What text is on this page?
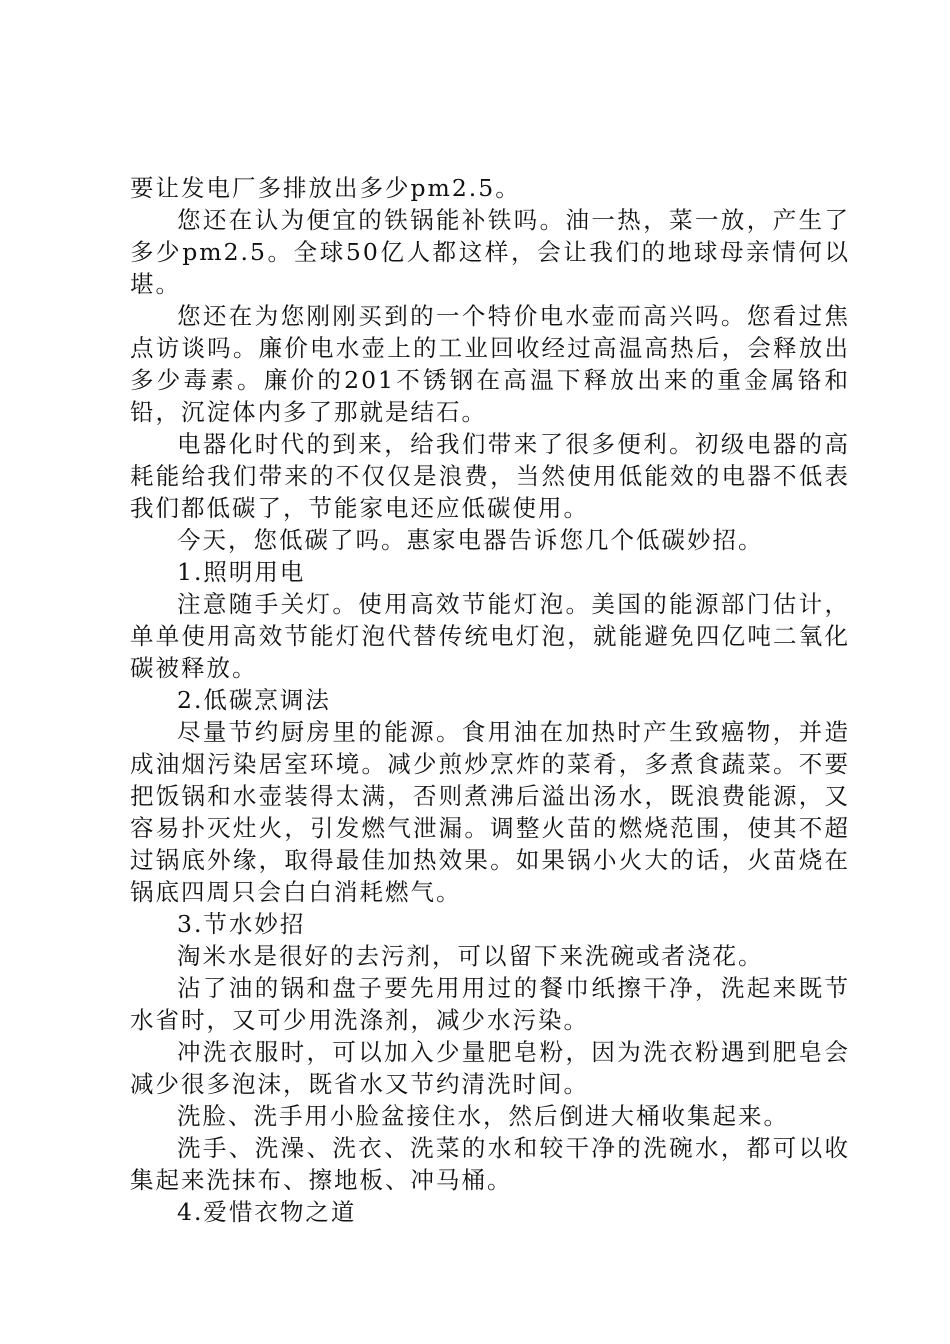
要让发电厂多排放出多少pm2.5。

您还在认为便宜的铁锅能补铁吗。油一热，菜一放，产生了多少pm2.5。全球50亿人都这样，会让我们的地球母亲情何以堪。

您还在为您刚刚买到的一个特价电水壶而高兴吗。您看过焦点访谈吗。廉价电水壶上的工业回收经过高温高热后，会释放出多少毒素。廉价的201不锈钢在高温下释放出来的重金属铬和铅，沉淀体内多了那就是结石。

电器化时代的到来，给我们带来了很多便利。初级电器的高耗能给我们带来的不仅仅是浪费，当然使用低能效的电器不低表我们都低碳了，节能家电还应低碳使用。

今天，您低碳了吗。惠家电器告诉您几个低碳妙招。

1.照明用电

注意随手关灯。使用高效节能灯泡。美国的能源部门估计，单单使用高效节能灯泡代替传统电灯泡，就能避免四亿吨二氧化碳被释放。

2.低碳烹调法

尽量节约厨房里的能源。食用油在加热时产生致癌物，并造成油烟污染居室环境。减少煎炒烹炸的菜肴，多煮食蔬菜。不要把饭锅和水壶装得太满，否则煮沸后溢出汤水，既浪费能源，又容易扑灭灶火，引发燃气泄漏。调整火苗的燃烧范围，使其不超过锅底外缘，取得最佳加热效果。如果锅小火大的话，火苗烧在锅底四周只会白白消耗燃气。

3.节水妙招

淘米水是很好的去污剂，可以留下来洗碗或者浇花。

沾了油的锅和盘子要先用用过的餐巾纸擦干净，洗起来既节水省时，又可少用洗涤剂，减少水污染。

冲洗衣服时，可以加入少量肥皂粉，因为洗衣粉遇到肥皂会减少很多泡沫，既省水又节约清洗时间。

洗脸、洗手用小脸盆接住水，然后倒进大桶收集起来。

洗手、洗澡、洗衣、洗菜的水和较干净的洗碗水，都可以收集起来洗抹布、擦地板、冲马桶。

4.爱惜衣物之道
